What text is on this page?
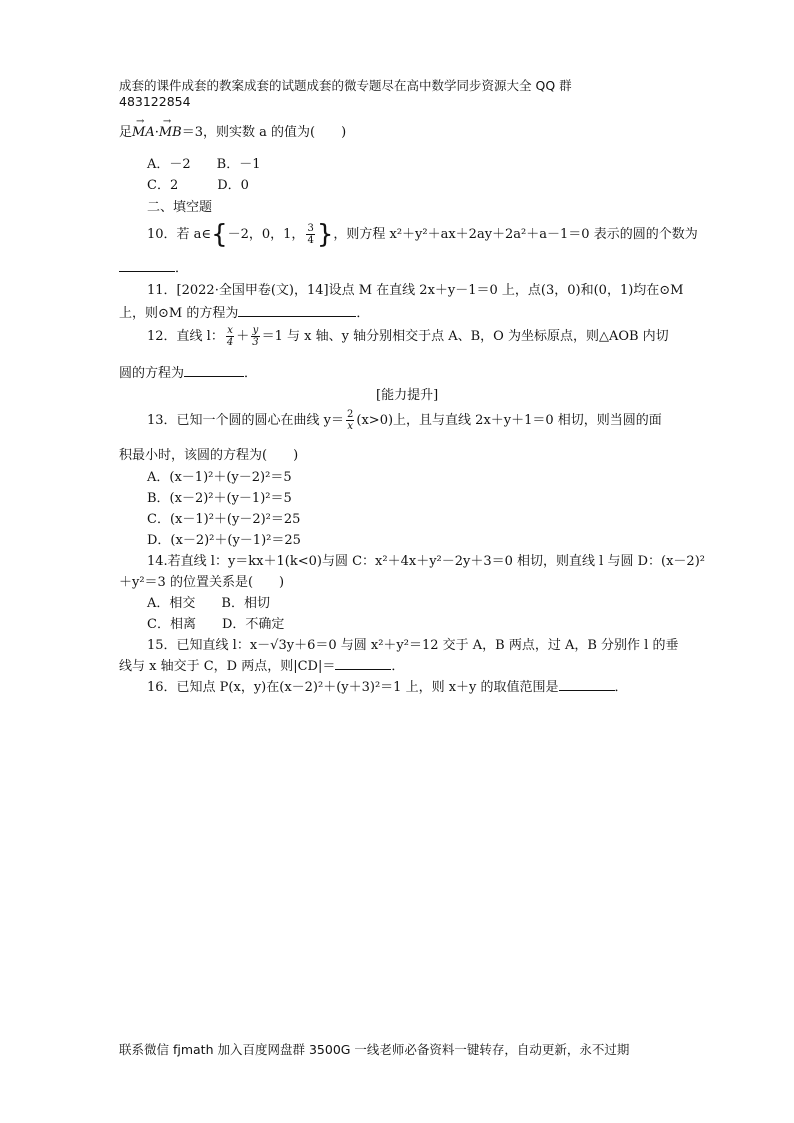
成套的课件成套的教案成套的试题成套的微专题尽在高中数学同步资源大全 QQ 群
483122854
足
→
MA·
→
MB＝3，则实数 a 的值为(　　)
A．－2　　B．－1
C．2　　　D．0
二、填空题
10．若 a∈{－2，0，1， $\frac{3}{4}$ }，则方程 x²＋y²＋ax＋2ay＋2a²＋a－1＝0 表示的圆的个数为
．
11．[2022·全国甲卷(文)，14]设点 M 在直线 2x＋y－1＝0 上，点(3，0)和(0，1)均在⊙M
上，则⊙M 的方程为	．
12．直线 l： $\frac{x}{4} + \frac{y}{3} =1$ 与 x 轴、y 轴分别相交于点 A、B，O 为坐标原点，则△AOB 内切
圆的方程为	．
[能力提升]
13．已知一个圆的圆心在曲线 $y= \frac{2}{x} (x>0)$上，且与直线 2x＋y＋1＝0 相切，则当圆的面
积最小时，该圆的方程为(　　)
A．(x－1)²＋(y－2)²＝5
B．(x－2)²＋(y－1)²＝5
C．(x－1)²＋(y－2)²＝25
D．(x－2)²＋(y－1)²＝25
14.若直线 l：y＝kx＋1(k<0)与圆 C：x²＋4x＋y²－2y＋3＝0 相切，则直线 l 与圆 D：(x－2)²
＋y²＝3 的位置关系是(　　)
A．相交　　B．相切
C．相离　　D．不确定
15．已知直线 l：x－√3y＋6＝0 与圆 x²＋y²＝12 交于 A，B 两点，过 A，B 分别作 l 的垂
线与 x 轴交于 C，D 两点，则|CD|＝	．
16．已知点 P(x，y)在(x－2)²＋(y＋3)²＝1 上，则 x＋y 的取值范围是	．
联系微信 fjmath 加入百度网盘群 3500G 一线老师必备资料一键转存，自动更新，永不过期
